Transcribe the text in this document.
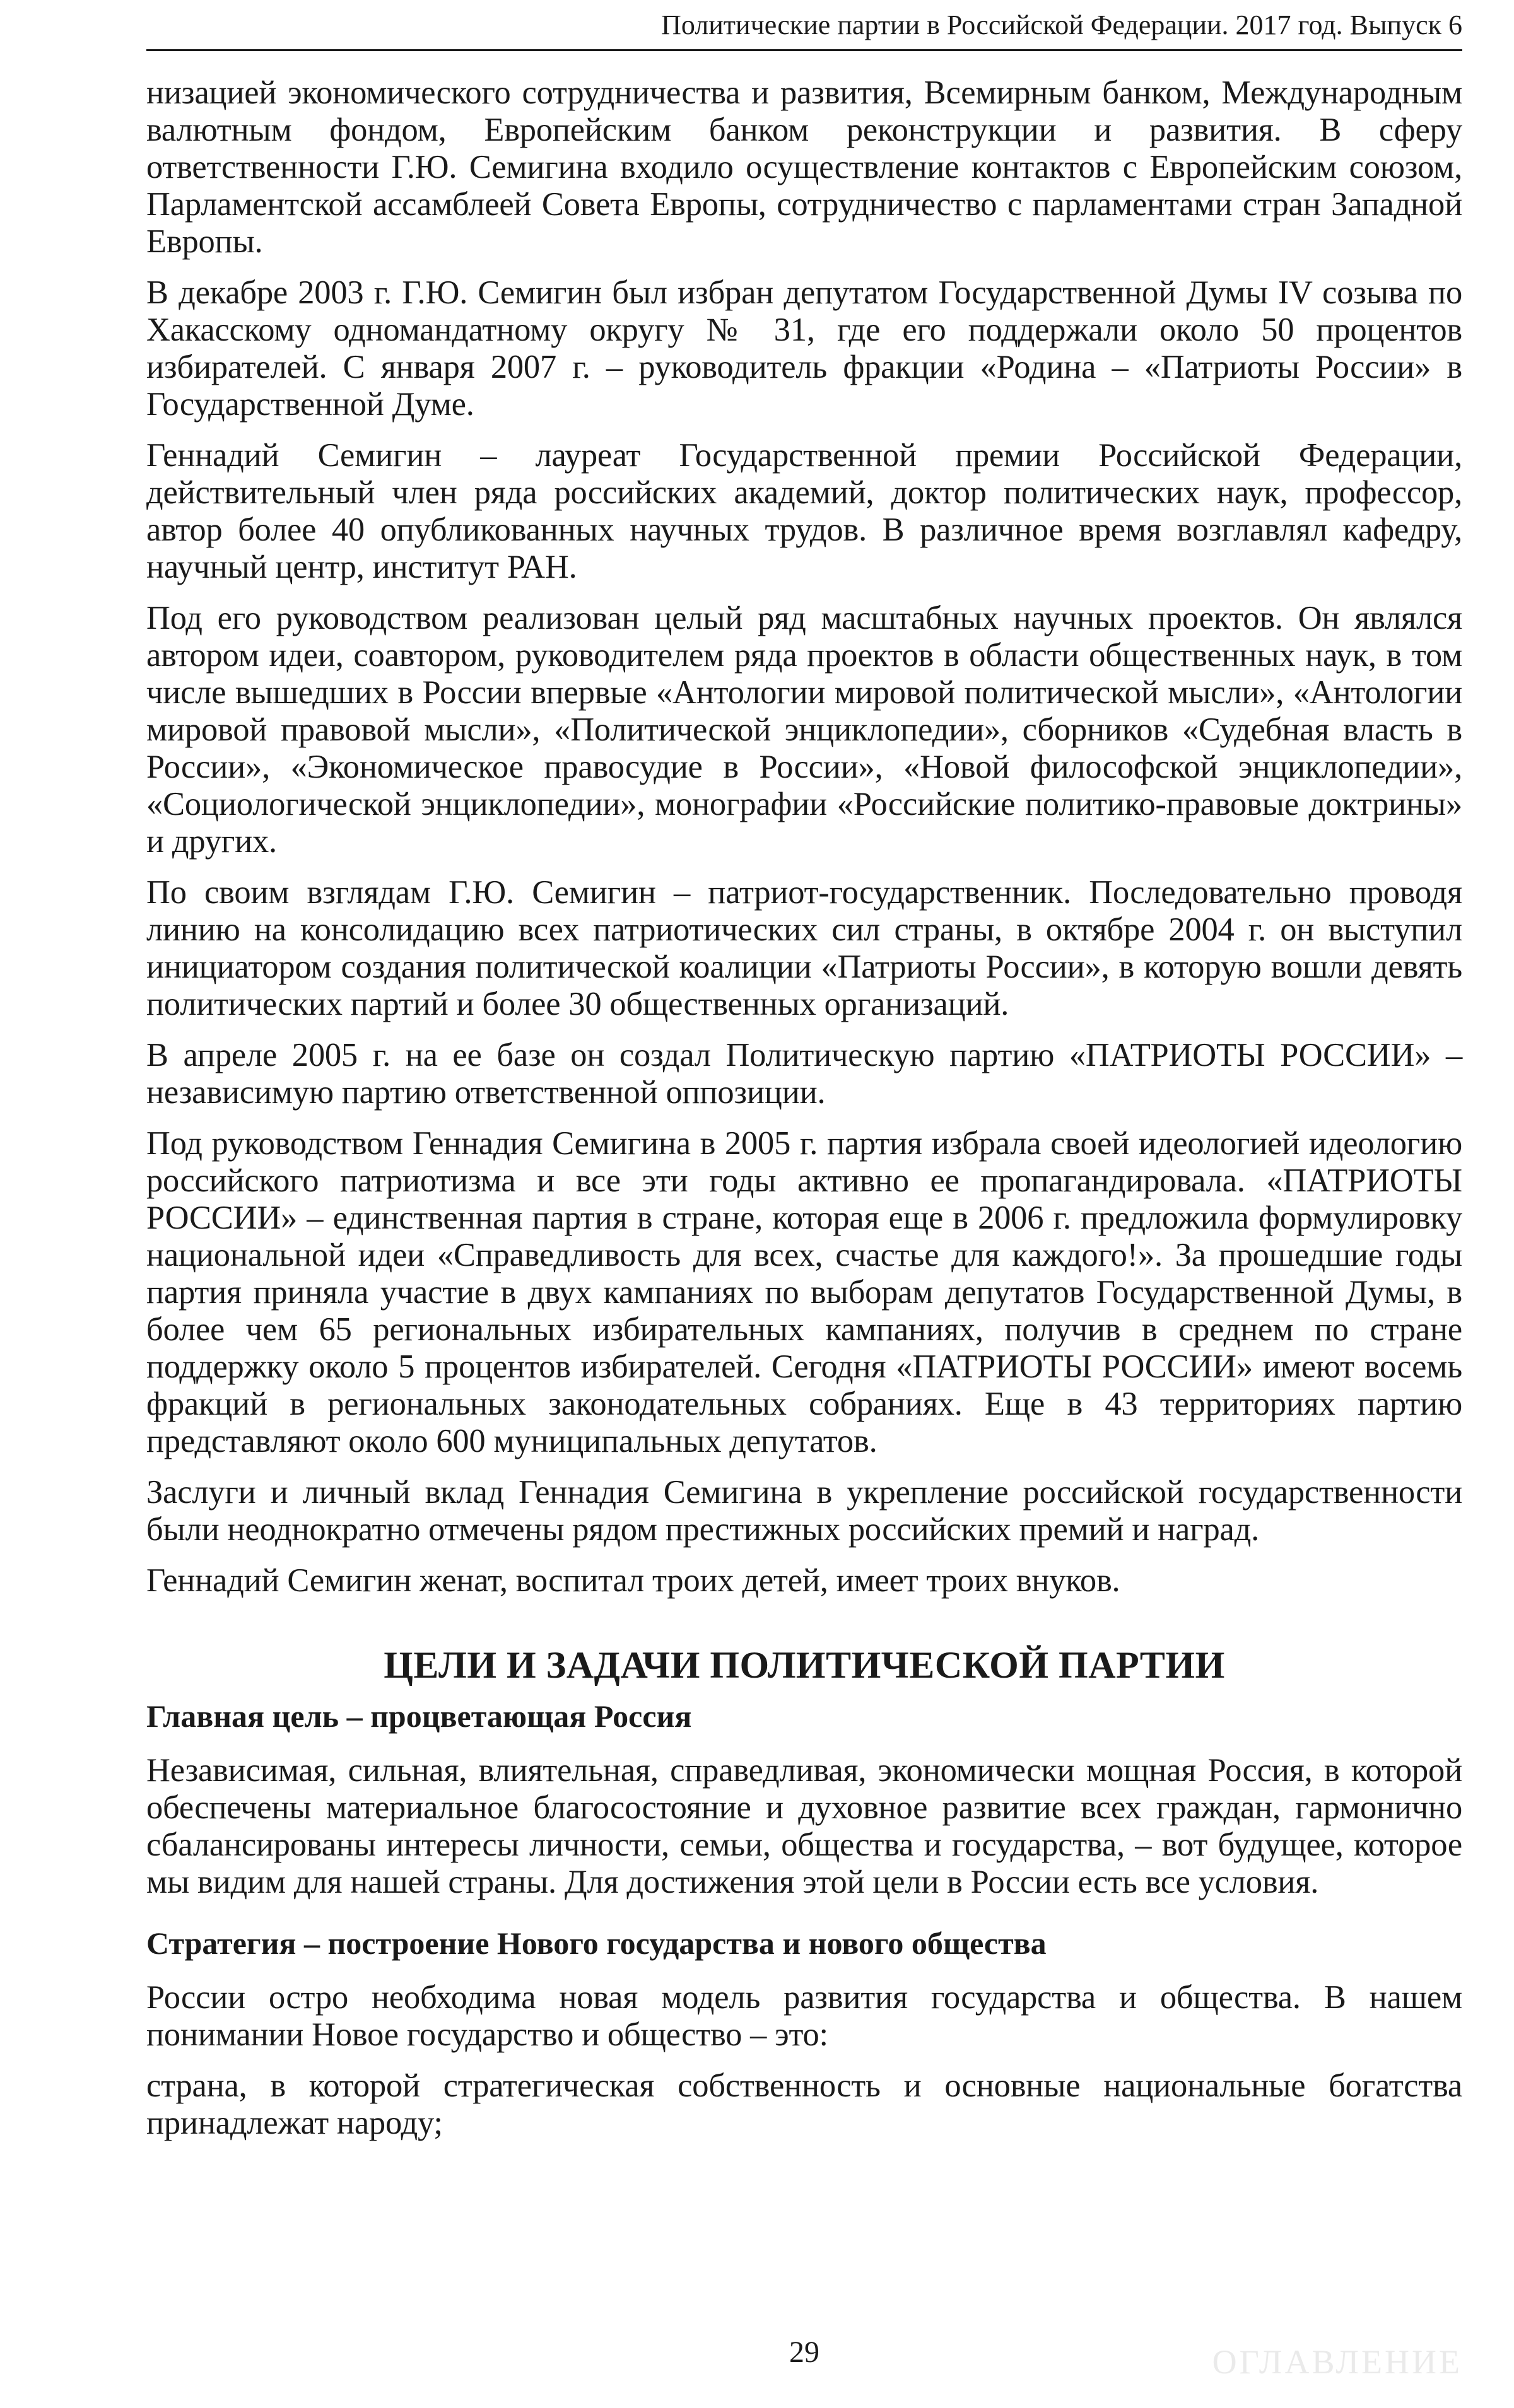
Политические партии в Российской Федерации. 2017 год. Выпуск 6

низацией экономического сотрудничества и развития, Всемирным банком, Международным валютным фондом, Европейским банком реконструкции и развития. В сферу ответственности Г.Ю. Семигина входило осуществление контактов с Европейским союзом, Парламентской ассамблеей Совета Европы, сотрудничество с парламентами стран Западной Европы.

В декабре 2003 г. Г.Ю. Семигин был избран депутатом Государственной Думы IV созыва по Хакасскому одномандатному округу № 31, где его поддержали около 50 процентов избирателей. С января 2007 г. – руководитель фракции «Родина – «Патриоты России» в Государственной Думе.

Геннадий Семигин – лауреат Государственной премии Российской Федерации, действительный член ряда российских академий, доктор политических наук, профессор, автор более 40 опубликованных научных трудов. В различное время возглавлял кафедру, научный центр, институт РАН.

Под его руководством реализован целый ряд масштабных научных проектов. Он являлся автором идеи, соавтором, руководителем ряда проектов в области общественных наук, в том числе вышедших в России впервые «Антологии мировой политической мысли», «Антологии мировой правовой мысли», «Политической энциклопедии», сборников «Судебная власть в России», «Экономическое правосудие в России», «Новой философской энциклопедии», «Социологической энциклопедии», монографии «Российские политико-правовые доктрины» и других.

По своим взглядам Г.Ю. Семигин – патриот-государственник. Последовательно проводя линию на консолидацию всех патриотических сил страны, в октябре 2004 г. он выступил инициатором создания политической коалиции «Патриоты России», в которую вошли девять политических партий и более 30 общественных организаций.

В апреле 2005 г. на ее базе он создал Политическую партию «ПАТРИОТЫ РОССИИ» – независимую партию ответственной оппозиции.

Под руководством Геннадия Семигина в 2005 г. партия избрала своей идеологией идеологию российского патриотизма и все эти годы активно ее пропагандировала. «ПАТРИОТЫ РОССИИ» – единственная партия в стране, которая еще в 2006 г. предложила формулировку национальной идеи «Справедливость для всех, счастье для каждого!». За прошедшие годы партия приняла участие в двух кампаниях по выборам депутатов Государственной Думы, в более чем 65 региональных избирательных кампаниях, получив в среднем по стране поддержку около 5 процентов избирателей. Сегодня «ПАТРИОТЫ РОССИИ» имеют восемь фракций в региональных законодательных собраниях. Еще в 43 территориях партию представляют около 600 муниципальных депутатов.

Заслуги и личный вклад Геннадия Семигина в укрепление российской государственности были неоднократно отмечены рядом престижных российских премий и наград.

Геннадий Семигин женат, воспитал троих детей, имеет троих внуков.

ЦЕЛИ И ЗАДАЧИ ПОЛИТИЧЕСКОЙ ПАРТИИ
Главная цель – процветающая Россия

Независимая, сильная, влиятельная, справедливая, экономически мощная Россия, в которой обеспечены материальное благосостояние и духовное развитие всех граждан, гармонично сбалансированы интересы личности, семьи, общества и государства, – вот будущее, которое мы видим для нашей страны. Для достижения этой цели в России есть все условия.

Стратегия – построение Нового государства и нового общества

России остро необходима новая модель развития государства и общества. В нашем понимании Новое государство и общество – это:

страна, в которой стратегическая собственность и основные национальные богатства принадлежат народу;

29	ОГЛАВЛЕНИЕ
